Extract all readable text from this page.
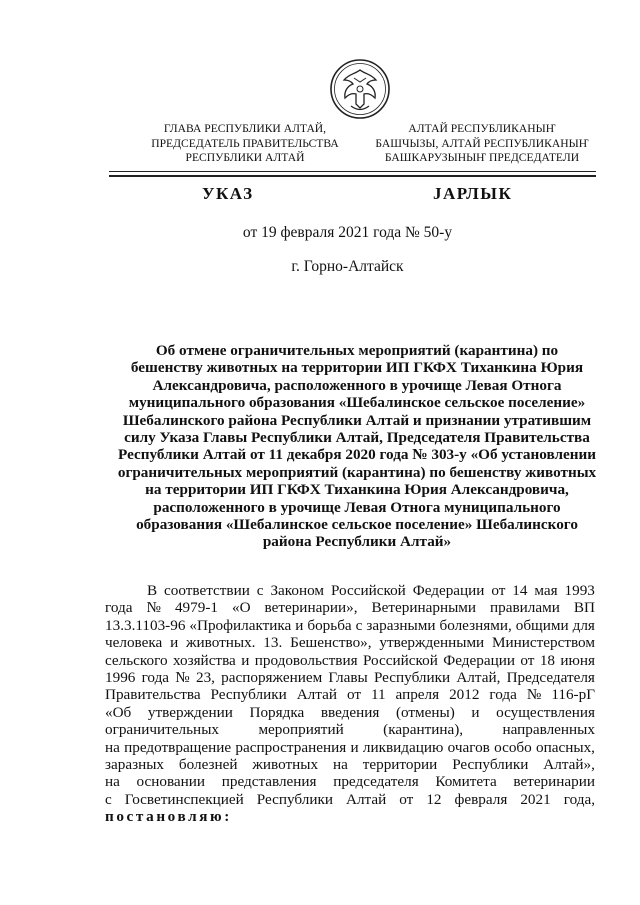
ГЛАВА РЕСПУБЛИКИ АЛТАЙ,
ПРЕДСЕДАТЕЛЬ ПРАВИТЕЛЬСТВА
РЕСПУБЛИКИ АЛТАЙ
АЛТАЙ РЕСПУБЛИКАНЫҤ
БАШЧЫЗЫ, АЛТАЙ РЕСПУБЛИКАНЫҤ
БАШКАРУЗЫНЫҤ ПРЕДСЕДАТЕЛИ
УКАЗ	JАРЛЫК
от 19 февраля 2021 года № 50-у
г. Горно-Алтайск
Об отмене ограничительных мероприятий (карантина) по
бешенству животных на территории ИП ГКФХ Тиханкина Юрия
Александровича, расположенного в урочище Левая Отнога
муниципального образования «Шебалинское сельское поселение»
Шебалинского района Республики Алтай и признании утратившим
силу Указа Главы Республики Алтай, Председателя Правительства
Республики Алтай от 11 декабря 2020 года № 303-у «Об установлении
ограничительных мероприятий (карантина) по бешенству животных
на территории ИП ГКФХ Тиханкина Юрия Александровича,
расположенного в урочище Левая Отнога муниципального
образования «Шебалинское сельское поселение» Шебалинского
района Республики Алтай»
В соответствии с Законом Российской Федерации от 14 мая 1993
года № 4979-1 «О ветеринарии», Ветеринарными правилами ВП
13.3.1103-96 «Профилактика и борьба с заразными болезнями, общими для
человека и животных. 13. Бешенство», утвержденными Министерством
сельского хозяйства и продовольствия Российской Федерации от 18 июня
1996 года № 23, распоряжением Главы Республики Алтай, Председателя
Правительства Республики Алтай от 11 апреля 2012 года № 116-рГ
«Об утверждении Порядка введения (отмены) и осуществления
ограничительных	мероприятий	(карантина),	направленных
на предотвращение распространения и ликвидацию очагов особо опасных,
заразных болезней животных на территории Республики Алтай»,
на основании представления председателя Комитета ветеринарии
с Госветинспекцией Республики Алтай от 12 февраля 2021 года,
постановляю:
